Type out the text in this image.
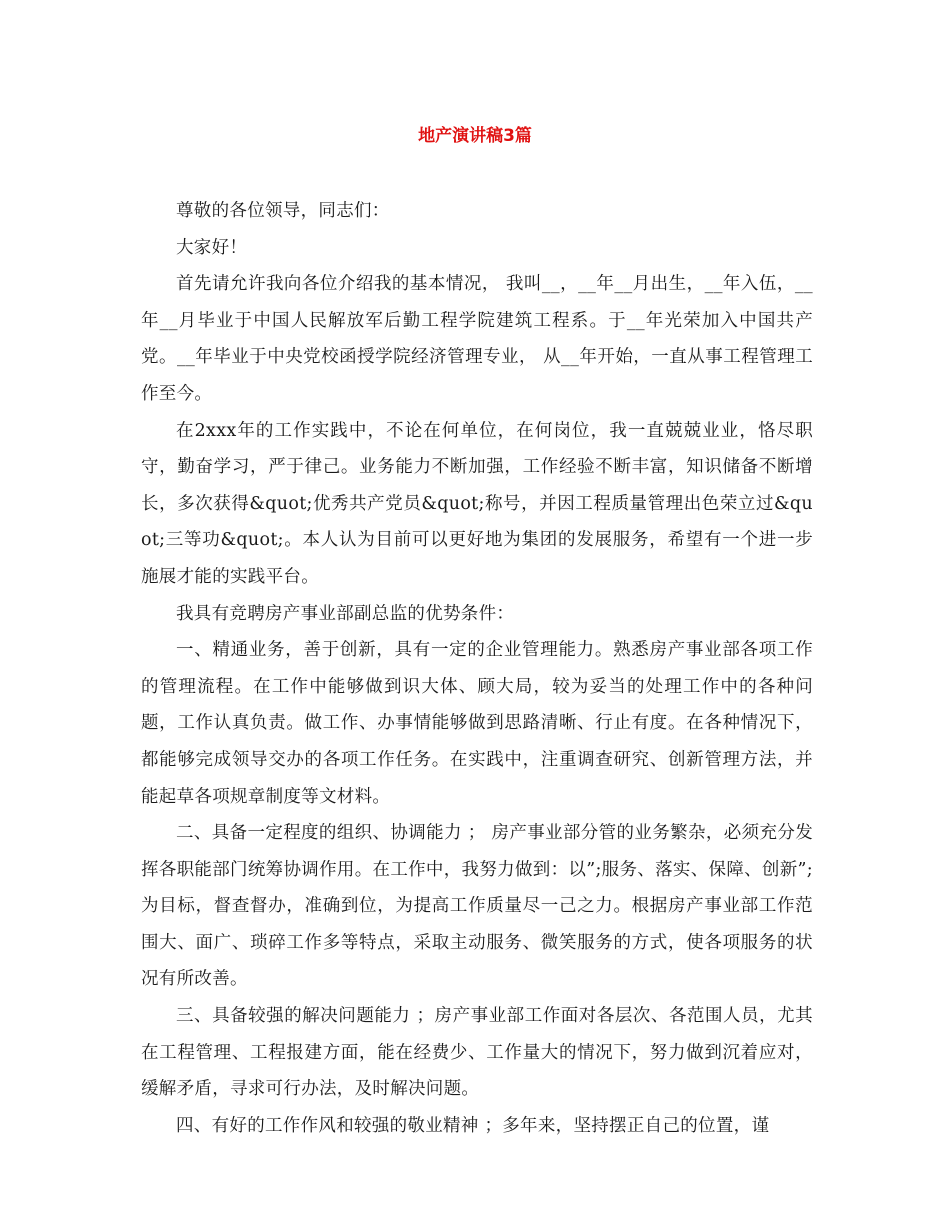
地产演讲稿3篇

尊敬的各位领导，同志们：

大家好！

首先请允许我向各位介绍我的基本情况， 我叫__，__年__月出生，__年入伍，__年__月毕业于中国人民解放军后勤工程学院建筑工程系。于__年光荣加入中国共产党。__年毕业于中央党校函授学院经济管理专业， 从__年开始，一直从事工程管理工作至今。

在2xxx年的工作实践中，不论在何单位，在何岗位，我一直兢兢业业，恪尽职守，勤奋学习，严于律己。业务能力不断加强，工作经验不断丰富，知识储备不断增长，多次获得&quot;优秀共产党员&quot;称号，并因工程质量管理出色荣立过&quot;三等功&quot;。本人认为目前可以更好地为集团的发展服务，希望有一个进一步施展才能的实践平台。

我具有竞聘房产事业部副总监的优势条件：

一、精通业务，善于创新，具有一定的企业管理能力。熟悉房产事业部各项工作的管理流程。在工作中能够做到识大体、顾大局，较为妥当的处理工作中的各种问题，工作认真负责。做工作、办事情能够做到思路清晰、行止有度。在各种情况下，都能够完成领导交办的各项工作任务。在实践中，注重调查研究、创新管理方法，并能起草各项规章制度等文材料。

二、具备一定程度的组织、协调能力 ； 房产事业部分管的业务繁杂，必须充分发挥各职能部门统筹协调作用。在工作中，我努力做到：以”;服务、落实、保障、创新”;为目标，督查督办，准确到位，为提高工作质量尽一己之力。根据房产事业部工作范围大、面广、琐碎工作多等特点，采取主动服务、微笑服务的方式，使各项服务的状况有所改善。

三、具备较强的解决问题能力 ；房产事业部工作面对各层次、各范围人员，尤其在工程管理、工程报建方面，能在经费少、工作量大的情况下，努力做到沉着应对，缓解矛盾，寻求可行办法，及时解决问题。

四、有好的工作作风和较强的敬业精神 ；多年来，坚持摆正自己的位置，谨
